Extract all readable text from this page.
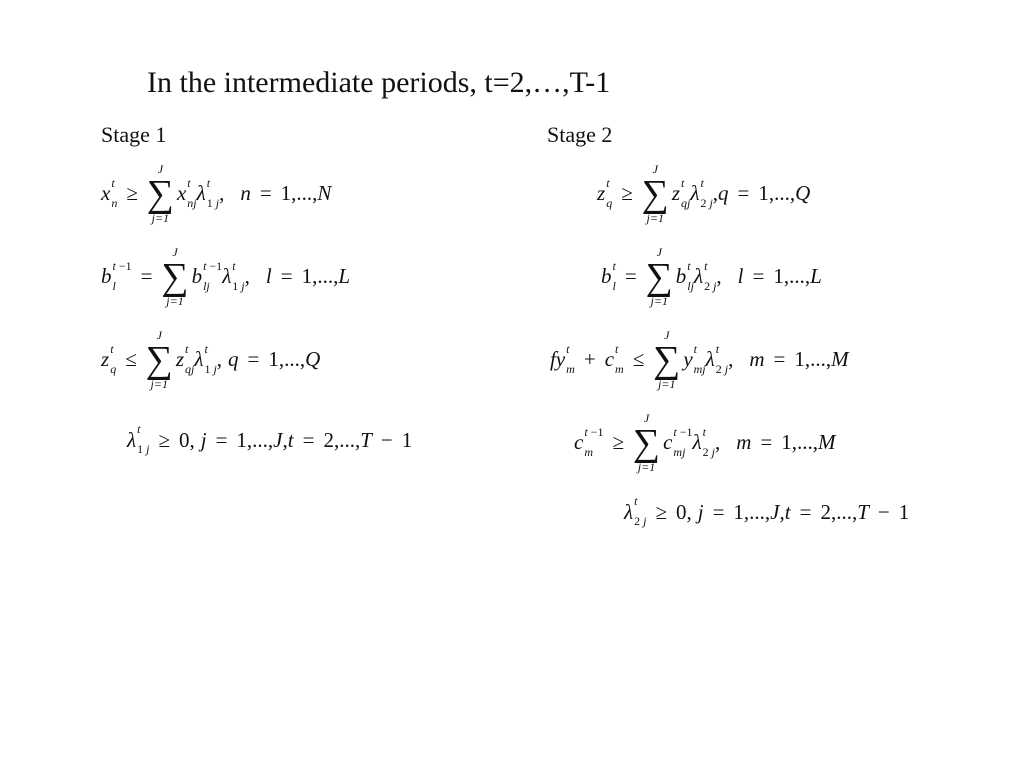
In the intermediate periods, t=2,…,T-1
Stage 1	Stage 2
x t
n ≥
J
∑
j=1
x t
nj λ t
1 j , n = 1,..., N
b t −1
l	=
J
∑
j=1
b t −1
lj λ t
1 j , l = 1,..., L
z t
q ≤
J
∑
j=1
z t
qj λ t
1 j , q = 1,..., Q
λ t
1 j ≥ 0, j = 1,..., J , t = 2,..., T − 1
z t
q ≥
J
∑
j=1
z t
qj λ t
2 j , q = 1,..., Q
b t
l =
J
∑
j=1
b t
lj λ t
2 j , l = 1,..., L
f y t
m + c t
m ≤
J
∑
j=1
y t
mj λ t
2 j , m = 1,..., M
c t −1
m ≥
J
∑
j=1
c t −1
mj λ t
2 j , m = 1,..., M
λ t
2 j ≥ 0, j = 1,..., J , t = 2,..., T − 1
